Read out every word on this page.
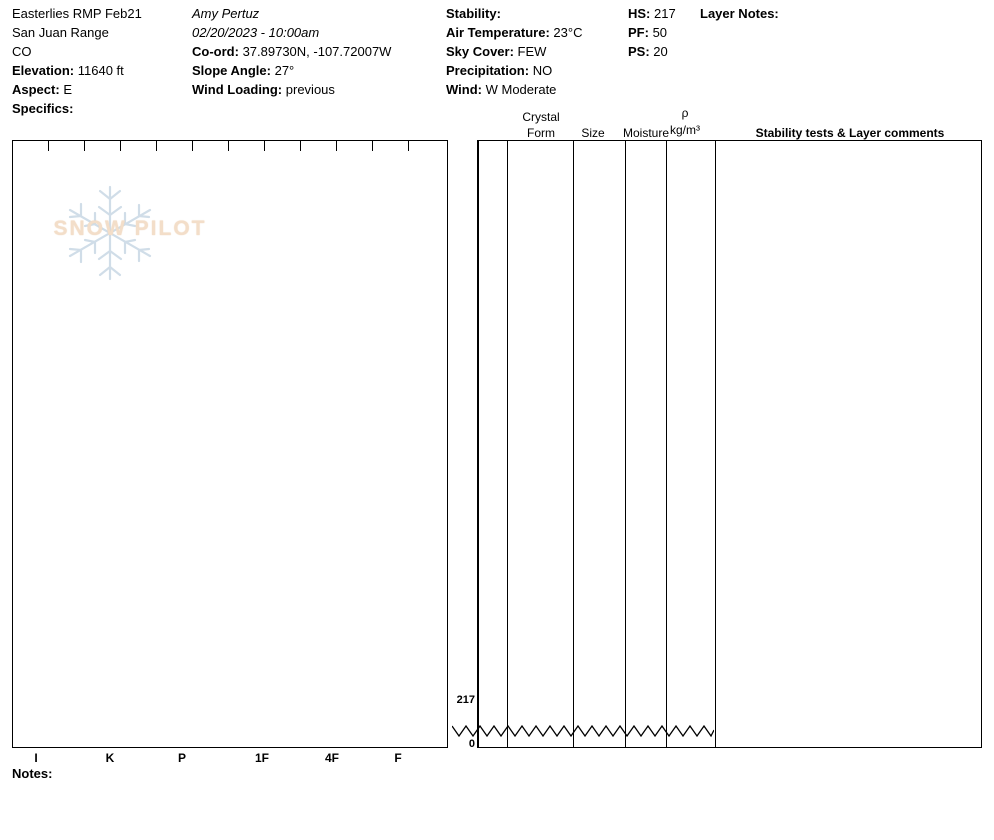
Easterlies RMP Feb21
San Juan Range
CO
Elevation: 11640 ft
Aspect: E
Specifics:
Amy Pertuz
02/20/2023 - 10:00am
Co-ord: 37.89730N, -107.72007W
Slope Angle: 27°
Wind Loading: previous
Stability:
Air Temperature: 23°C
Sky Cover: FEW
Precipitation: NO
Wind: W Moderate
HS: 217
PF: 50
PS: 20
Layer Notes:
SNOW PILOT
I	K	P	1F	4F	F
217
0
Crystal
Form	Size	Moisture
ρ
kg/m³	Stability tests & Layer comments
Notes:
